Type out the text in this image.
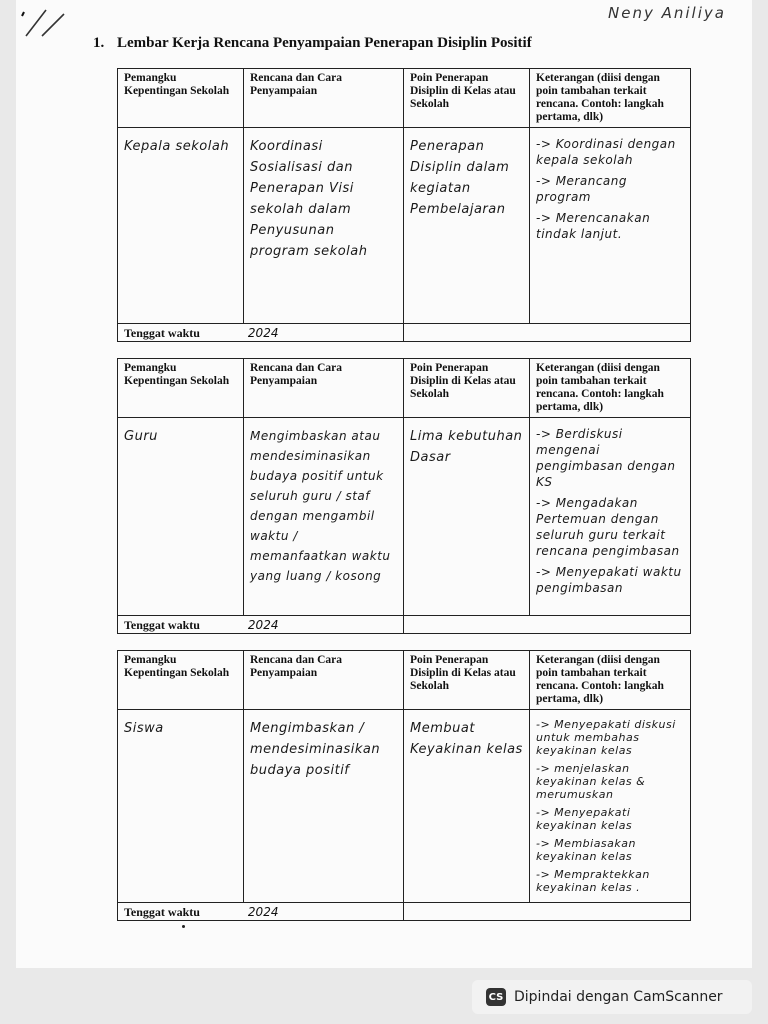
Neny Aniliya
1. Lembar Kerja Rencana Penyampaian Penerapan Disiplin Positif
Pemangku Kepentingan Sekolah	Rencana dan Cara Penyampaian	Poin Penerapan Disiplin di Kelas atau Sekolah	Keterangan (diisi dengan poin tambahan terkait rencana. Contoh: langkah pertama, dlk)
Kepala sekolah	Koordinasi Sosialisasi dan Penerapan Visi sekolah dalam Penyusunan program sekolah	Penerapan Disiplin dalam kegiatan Pembelajaran	-> Koordinasi dengan kepala sekolah
-> Merancang program
-> Merencanakan tindak lanjut.

Tenggat waktu 2024			
Pemangku Kepentingan Sekolah	Rencana dan Cara Penyampaian	Poin Penerapan Disiplin di Kelas atau Sekolah	Keterangan (diisi dengan poin tambahan terkait rencana. Contoh: langkah pertama, dlk)
Guru	Mengimbaskan atau mendesiminasikan budaya positif untuk seluruh guru / staf dengan mengambil waktu / memanfaatkan waktu yang luang / kosong	Lima kebutuhan Dasar	-> Berdiskusi mengenai pengimbasan dengan KS
-> Mengadakan Pertemuan dengan seluruh guru terkait rencana pengimbasan
-> Menyepakati waktu pengimbasan

Tenggat waktu 2024			
Pemangku Kepentingan Sekolah	Rencana dan Cara Penyampaian	Poin Penerapan Disiplin di Kelas atau Sekolah	Keterangan (diisi dengan poin tambahan terkait rencana. Contoh: langkah pertama, dlk)
Siswa	Mengimbaskan / mendesiminasikan budaya positif	Membuat Keyakinan kelas	-> Menyepakati diskusi untuk membahas keyakinan kelas
-> menjelaskan keyakinan kelas & merumuskan
-> Menyepakati keyakinan kelas
-> Membiasakan keyakinan kelas
-> Mempraktekkan keyakinan kelas .

Tenggat waktu 2024			
CS Dipindai dengan CamScanner
